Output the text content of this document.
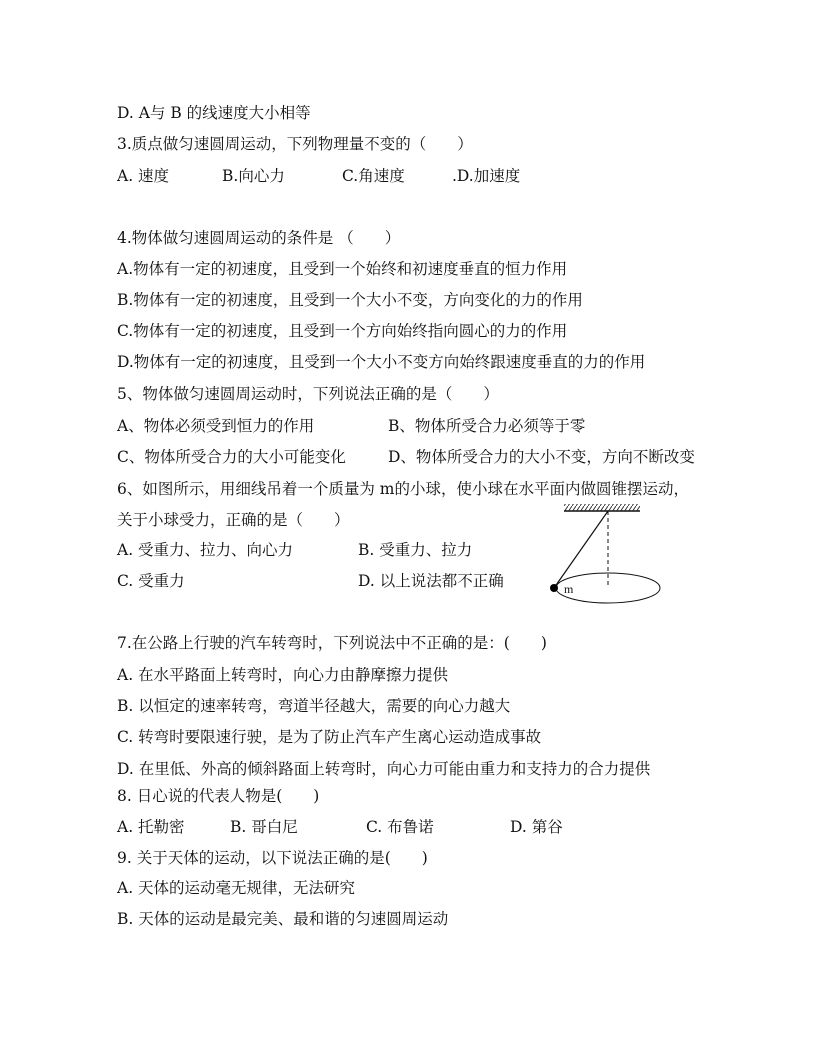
D. A与 B 的线速度大小相等
3.质点做匀速圆周运动，下列物理量不变的（　　）
A. 速度	B.向心力	C.角速度	.D.加速度
4.物体做匀速圆周运动的条件是 （　　）
A.物体有一定的初速度，且受到一个始终和初速度垂直的恒力作用
B.物体有一定的初速度，且受到一个大小不变，方向变化的力的作用
C.物体有一定的初速度，且受到一个方向始终指向圆心的力的作用
D.物体有一定的初速度，且受到一个大小不变方向始终跟速度垂直的力的作用
5、物体做匀速圆周运动时，下列说法正确的是（　　）
A、物体必须受到恒力的作用	B、物体所受合力必须等于零
C、物体所受合力的大小可能变化	D、物体所受合力的大小不变，方向不断改变
6、如图所示，用细线吊着一个质量为 m的小球，使小球在水平面内做圆锥摆运动，
关于小球受力，正确的是（　　）
A. 受重力、拉力、向心力	B. 受重力、拉力
C. 受重力	D. 以上说法都不正确	m
7.在公路上行驶的汽车转弯时，下列说法中不正确的是：(　　)
A. 在水平路面上转弯时，向心力由静摩擦力提供
B. 以恒定的速率转弯，弯道半径越大，需要的向心力越大
C. 转弯时要限速行驶，是为了防止汽车产生离心运动造成事故
D. 在里低、外高的倾斜路面上转弯时，向心力可能由重力和支持力的合力提供
8. 日心说的代表人物是(　　)
A. 托勒密	B. 哥白尼	C. 布鲁诺	D. 第谷
9. 关于天体的运动，以下说法正确的是(　　)
A. 天体的运动毫无规律，无法研究
B. 天体的运动是最完美、最和谐的匀速圆周运动
